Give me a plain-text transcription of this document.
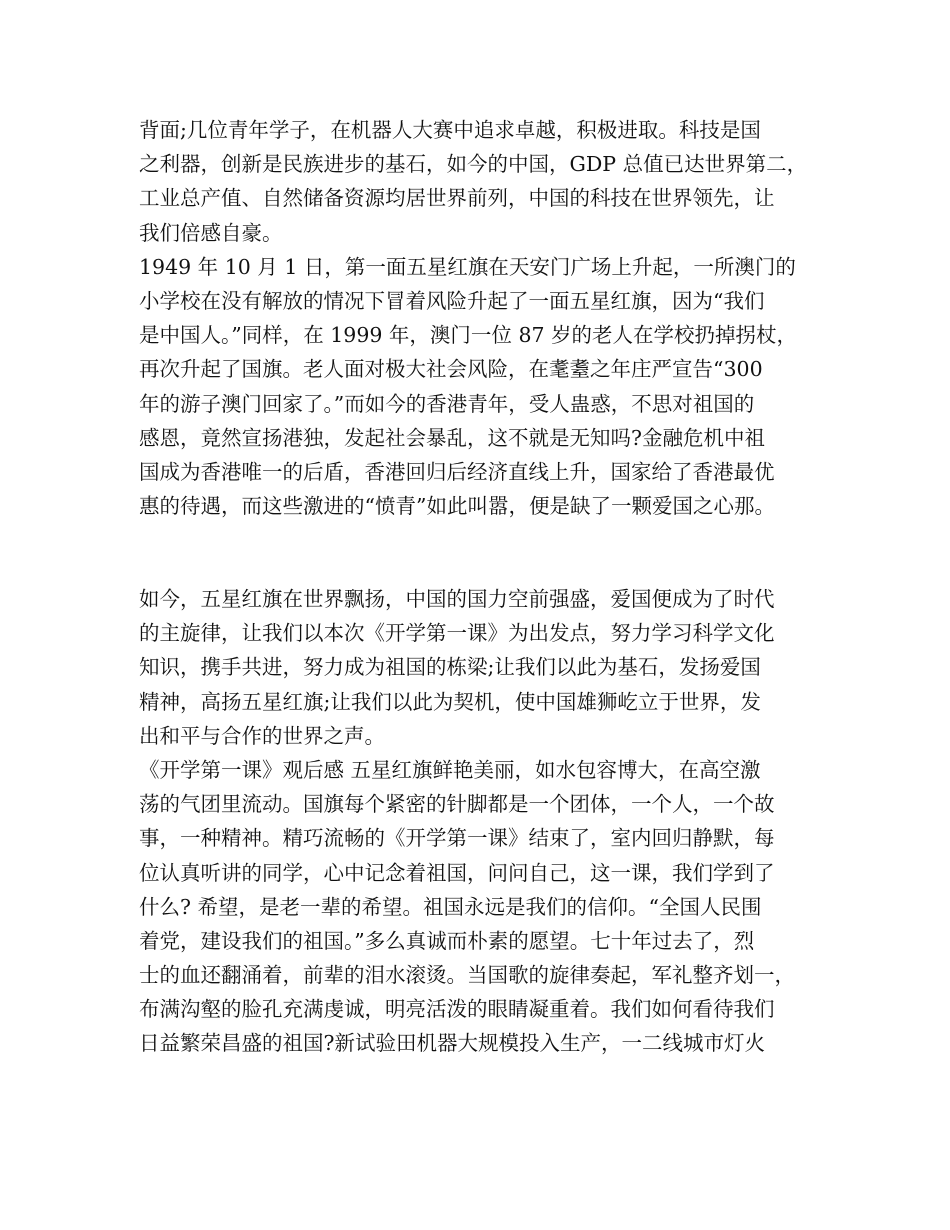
背面;几位青年学子，在机器人大赛中追求卓越，积极进取。科技是国
之利器，创新是民族进步的基石，如今的中国，GDP 总值已达世界第二，
工业总产值、自然储备资源均居世界前列，中国的科技在世界领先，让
我们倍感自豪。
1949 年 10 月 1 日，第一面五星红旗在天安门广场上升起，一所澳门的
小学校在没有解放的情况下冒着风险升起了一面五星红旗，因为“我们
是中国人。”同样，在 1999 年，澳门一位 87 岁的老人在学校扔掉拐杖，
再次升起了国旗。老人面对极大社会风险，在耄耋之年庄严宣告“300
年的游子澳门回家了。”而如今的香港青年，受人蛊惑，不思对祖国的
感恩，竟然宣扬港独，发起社会暴乱，这不就是无知吗?金融危机中祖
国成为香港唯一的后盾，香港回归后经济直线上升，国家给了香港最优
惠的待遇，而这些激进的“愤青”如此叫嚣，便是缺了一颗爱国之心那。
如今，五星红旗在世界飘扬，中国的国力空前强盛，爱国便成为了时代
的主旋律，让我们以本次《开学第一课》为出发点，努力学习科学文化
知识，携手共进，努力成为祖国的栋梁;让我们以此为基石，发扬爱国
精神，高扬五星红旗;让我们以此为契机，使中国雄狮屹立于世界，发
出和平与合作的世界之声。
《开学第一课》观后感 五星红旗鲜艳美丽，如水包容博大，在高空激
荡的气团里流动。国旗每个紧密的针脚都是一个团体，一个人，一个故
事，一种精神。精巧流畅的《开学第一课》结束了，室内回归静默，每
位认真听讲的同学，心中记念着祖国，问问自己，这一课，我们学到了
什么? 希望，是老一辈的希望。祖国永远是我们的信仰。“全国人民围
着党，建设我们的祖国。”多么真诚而朴素的愿望。七十年过去了，烈
士的血还翻涌着，前辈的泪水滚烫。当国歌的旋律奏起，军礼整齐划一，
布满沟壑的脸孔充满虔诚，明亮活泼的眼睛凝重着。我们如何看待我们
日益繁荣昌盛的祖国?新试验田机器大规模投入生产，一二线城市灯火
